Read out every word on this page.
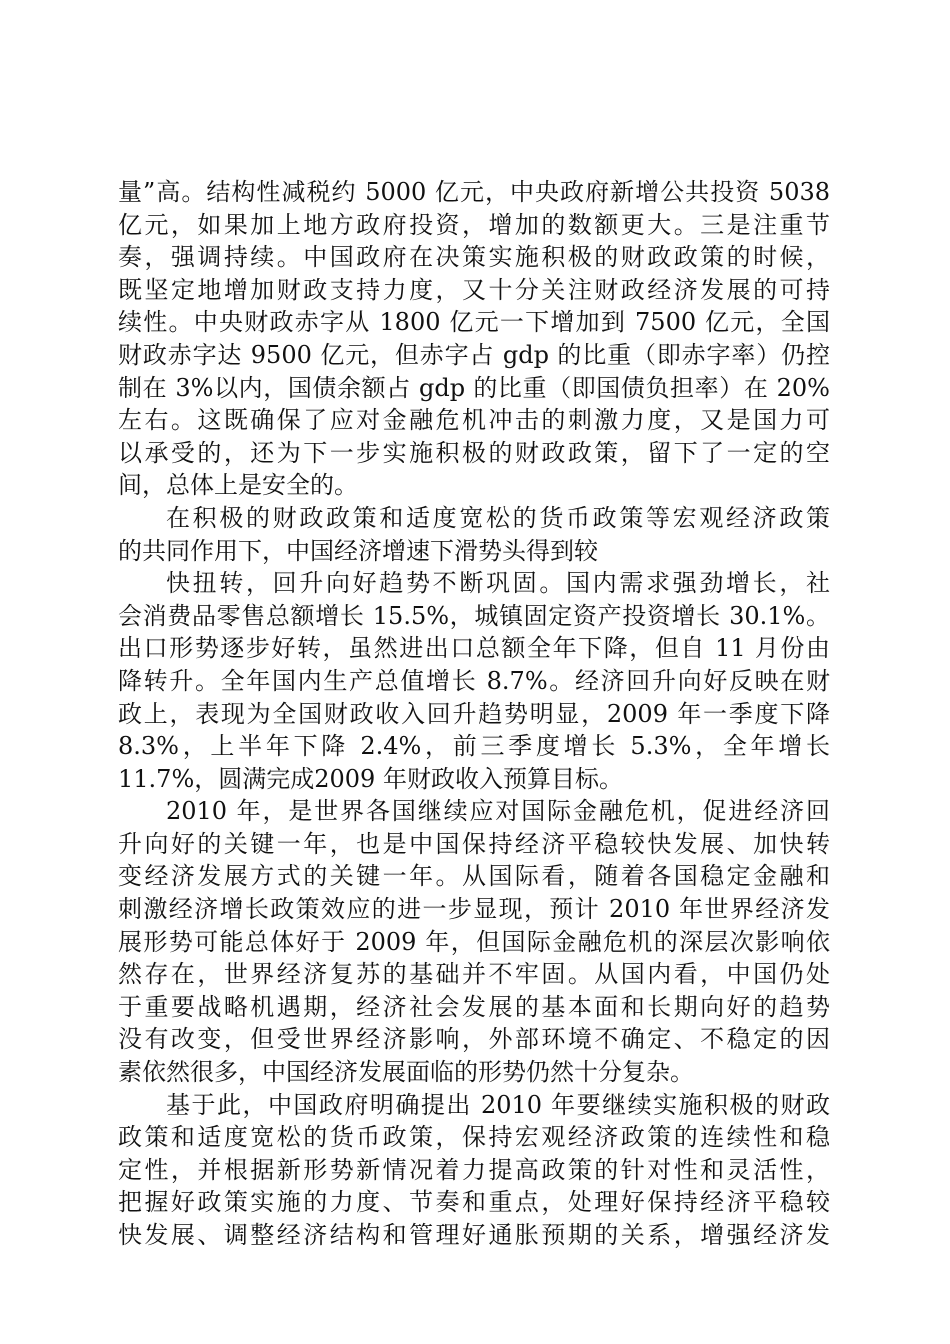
量”高。结构性减税约 5000 亿元，中央政府新增公共投资 5038
亿元，如果加上地方政府投资，增加的数额更大。三是注重节
奏，强调持续。中国政府在决策实施积极的财政政策的时候，
既坚定地增加财政支持力度，又十分关注财政经济发展的可持
续性。中央财政赤字从 1800 亿元一下增加到 7500 亿元，全国
财政赤字达 9500 亿元，但赤字占 gdp 的比重（即赤字率）仍控
制在 3%以内，国债余额占 gdp 的比重（即国债负担率）在 20%
左右。这既确保了应对金融危机冲击的刺激力度，又是国力可
以承受的，还为下一步实施积极的财政政策，留下了一定的空
间，总体上是安全的。
在积极的财政政策和适度宽松的货币政策等宏观经济政策
的共同作用下，中国经济增速下滑势头得到较
快扭转，回升向好趋势不断巩固。国内需求强劲增长，社
会消费品零售总额增长 15.5%，城镇固定资产投资增长 30.1%。
出口形势逐步好转，虽然进出口总额全年下降，但自 11 月份由
降转升。全年国内生产总值增长 8.7%。经济回升向好反映在财
政上，表现为全国财政收入回升趋势明显，2009 年一季度下降
8.3%，上半年下降 2.4%，前三季度增长 5.3%，全年增长
11.7%，圆满完成2009 年财政收入预算目标。
2010 年，是世界各国继续应对国际金融危机，促进经济回
升向好的关键一年，也是中国保持经济平稳较快发展、加快转
变经济发展方式的关键一年。从国际看，随着各国稳定金融和
刺激经济增长政策效应的进一步显现，预计 2010 年世界经济发
展形势可能总体好于 2009 年，但国际金融危机的深层次影响依
然存在，世界经济复苏的基础并不牢固。从国内看，中国仍处
于重要战略机遇期，经济社会发展的基本面和长期向好的趋势
没有改变，但受世界经济影响，外部环境不确定、不稳定的因
素依然很多，中国经济发展面临的形势仍然十分复杂。
基于此，中国政府明确提出 2010 年要继续实施积极的财政
政策和适度宽松的货币政策，保持宏观经济政策的连续性和稳
定性，并根据新形势新情况着力提高政策的针对性和灵活性，
把握好政策实施的力度、节奏和重点，处理好保持经济平稳较
快发展、调整经济结构和管理好通胀预期的关系，增强经济发
